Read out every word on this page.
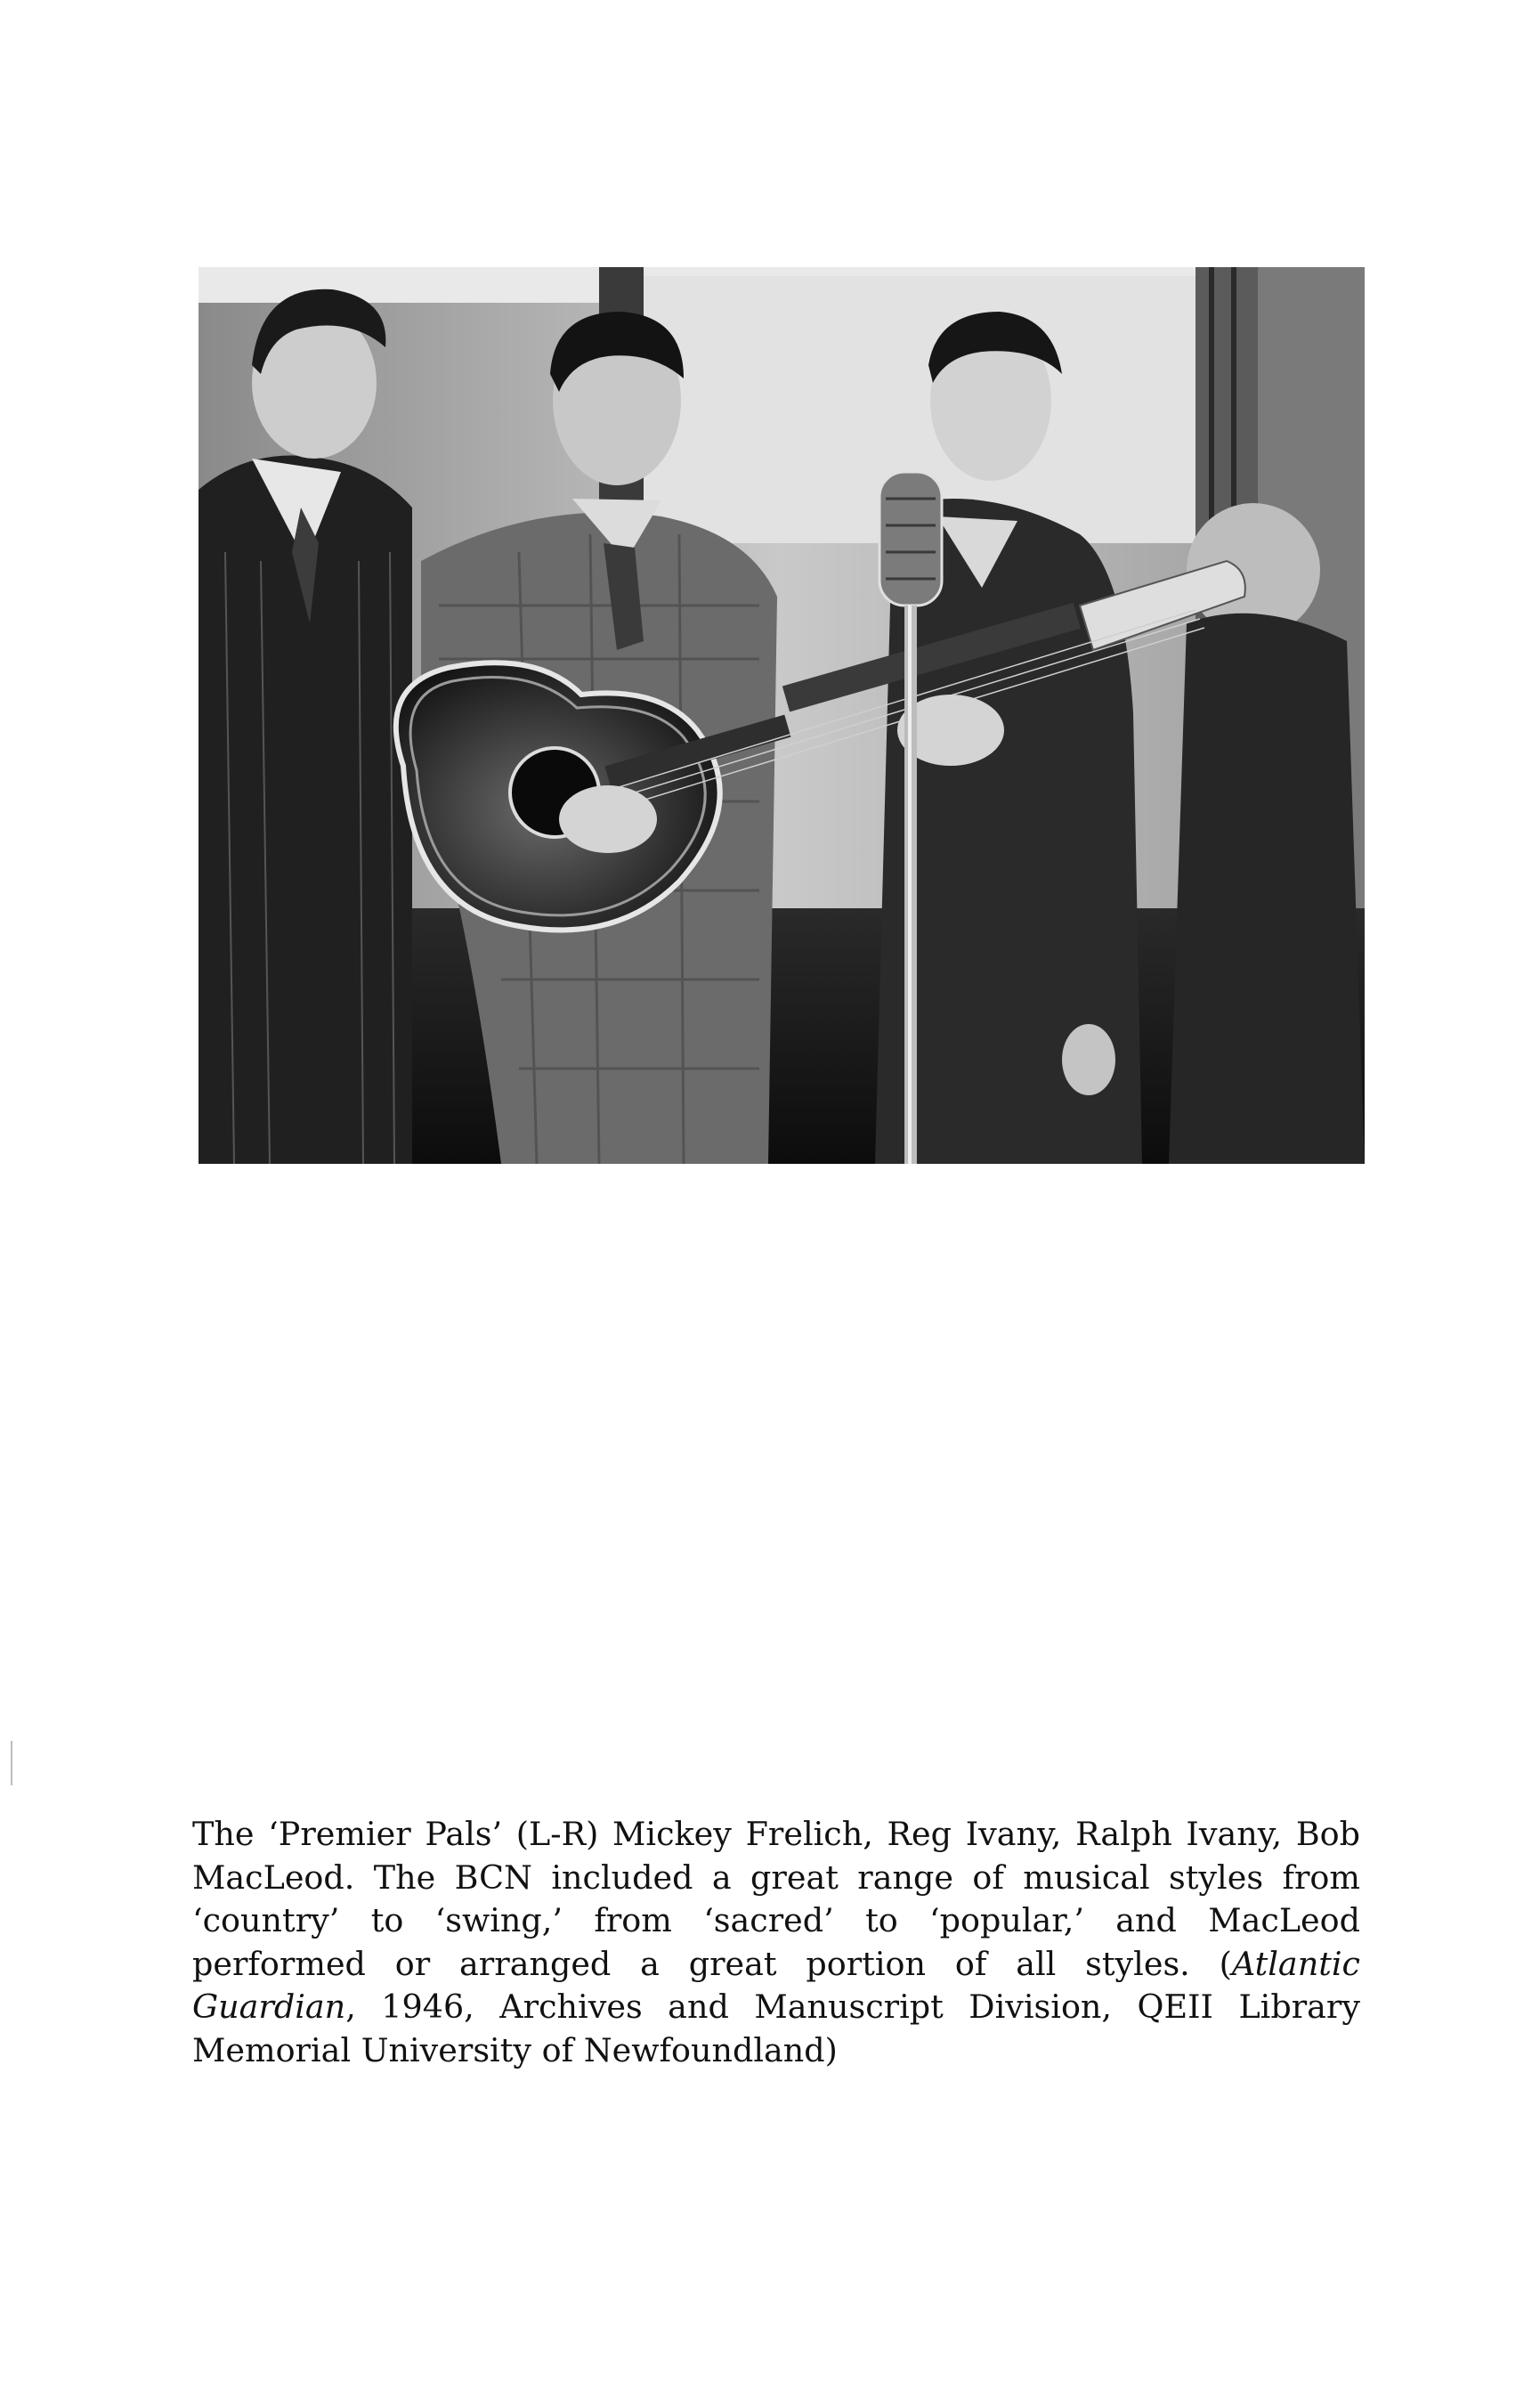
The ‘Premier Pals’ (L-R) Mickey Frelich, Reg Ivany, Ralph Ivany, Bob MacLeod. The BCN included a great range of musical styles from ‘country’ to ‘swing,’ from ‘sacred’ to ‘popular,’ and MacLeod performed or arranged a great portion of all styles. (Atlantic Guardian, 1946, Archives and Manuscript Division, QEII Library Memorial University of Newfoundland)
